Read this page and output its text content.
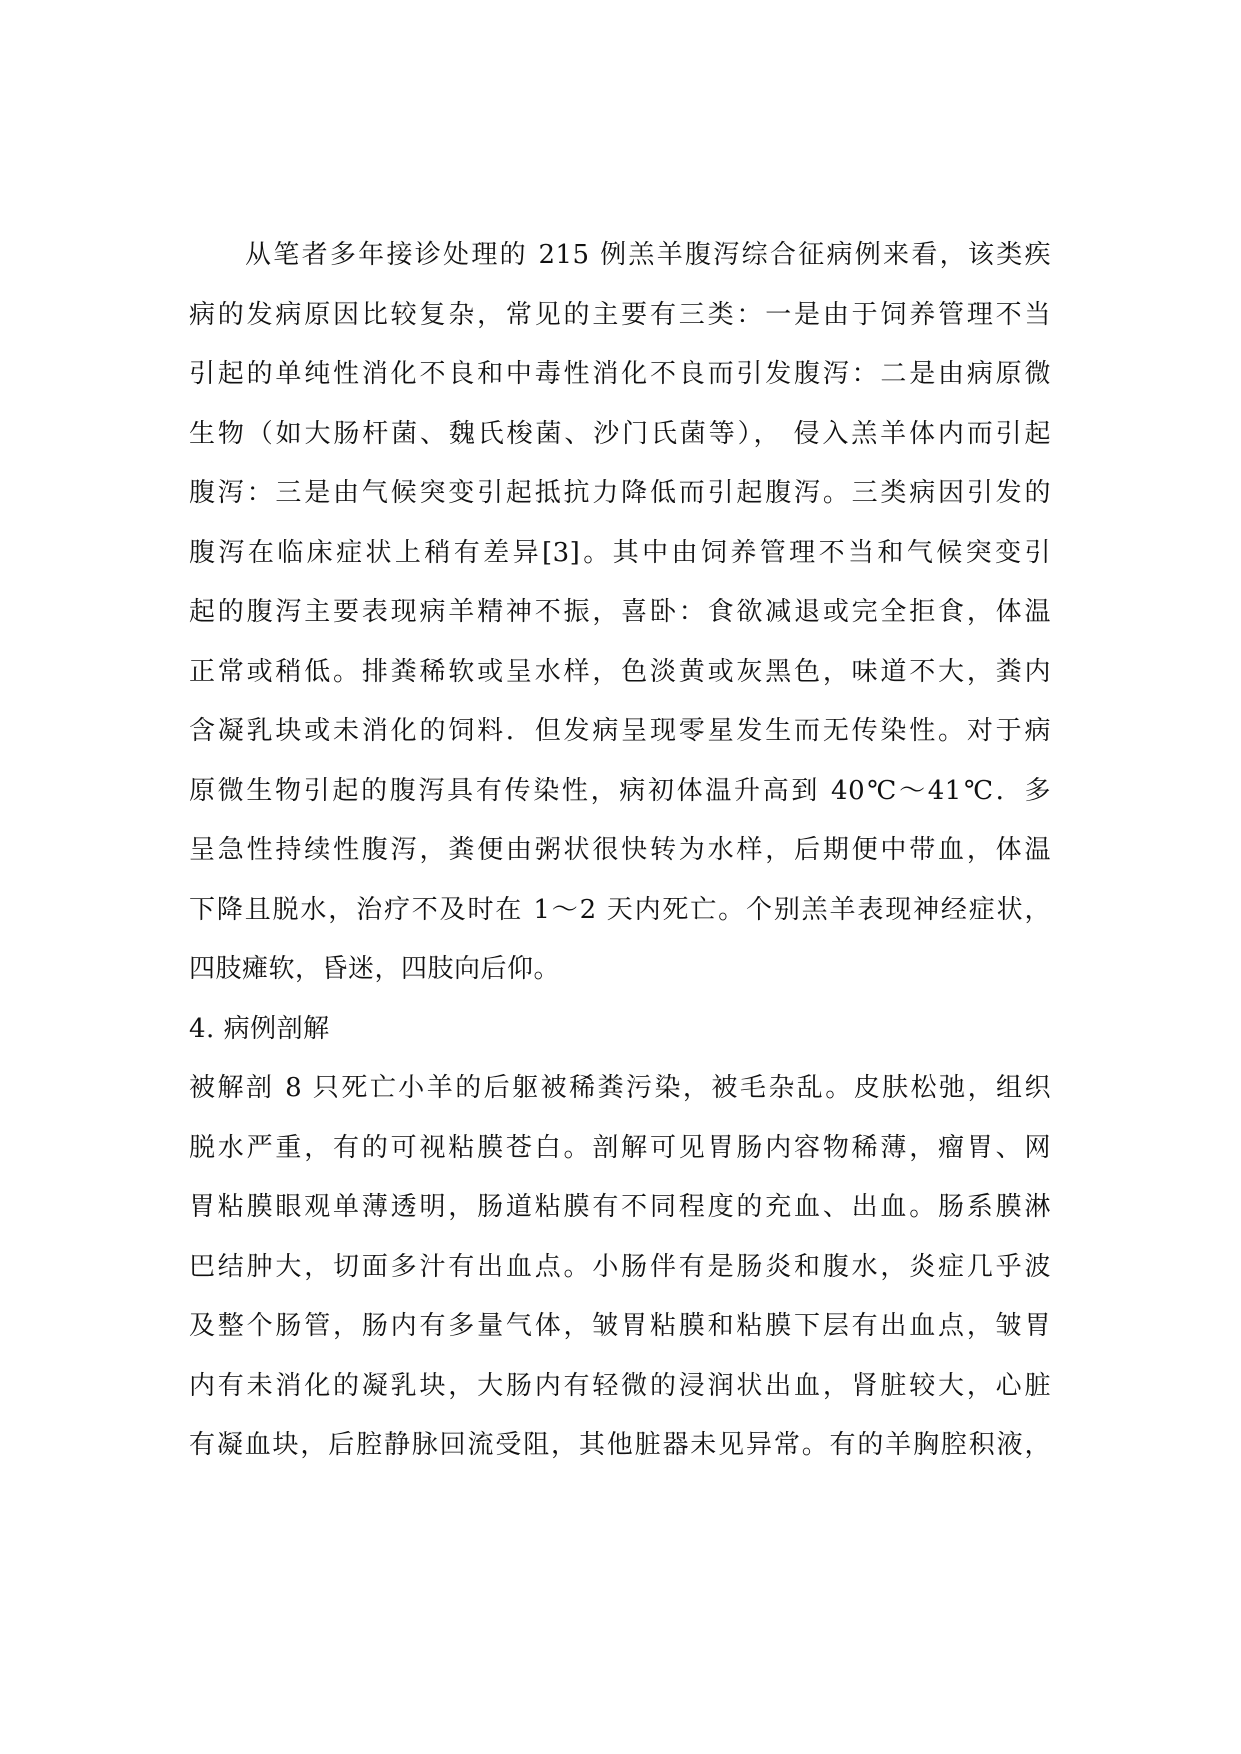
从笔者多年接诊处理的 215 例羔羊腹泻综合征病例来看，该类疾
病的发病原因比较复杂，常见的主要有三类：一是由于饲养管理不当
引起的单纯性消化不良和中毒性消化不良而引发腹泻：二是由病原微
生物（如大肠杆菌、魏氏梭菌、沙门氏菌等）， 侵入羔羊体内而引起
腹泻：三是由气候突变引起抵抗力降低而引起腹泻。三类病因引发的
腹泻在临床症状上稍有差异[3]。其中由饲养管理不当和气候突变引
起的腹泻主要表现病羊精神不振，喜卧：食欲减退或完全拒食，体温
正常或稍低。排粪稀软或呈水样，色淡黄或灰黑色，味道不大，粪内
含凝乳块或未消化的饲料．但发病呈现零星发生而无传染性。对于病
原微生物引起的腹泻具有传染性，病初体温升高到 40℃～41℃．多
呈急性持续性腹泻，粪便由粥状很快转为水样，后期便中带血，体温
下降且脱水，治疗不及时在 1～2 天内死亡。个别羔羊表现神经症状，
四肢瘫软，昏迷，四肢向后仰。
4. 病例剖解
被解剖 8 只死亡小羊的后躯被稀粪污染，被毛杂乱。皮肤松弛，组织
脱水严重，有的可视粘膜苍白。剖解可见胃肠内容物稀薄，瘤胃、网
胃粘膜眼观单薄透明，肠道粘膜有不同程度的充血、出血。肠系膜淋
巴结肿大，切面多汁有出血点。小肠伴有是肠炎和腹水，炎症几乎波
及整个肠管，肠内有多量气体，皱胃粘膜和粘膜下层有出血点，皱胃
内有未消化的凝乳块，大肠内有轻微的浸润状出血，肾脏较大，心脏
有凝血块，后腔静脉回流受阻，其他脏器未见异常。有的羊胸腔积液，
